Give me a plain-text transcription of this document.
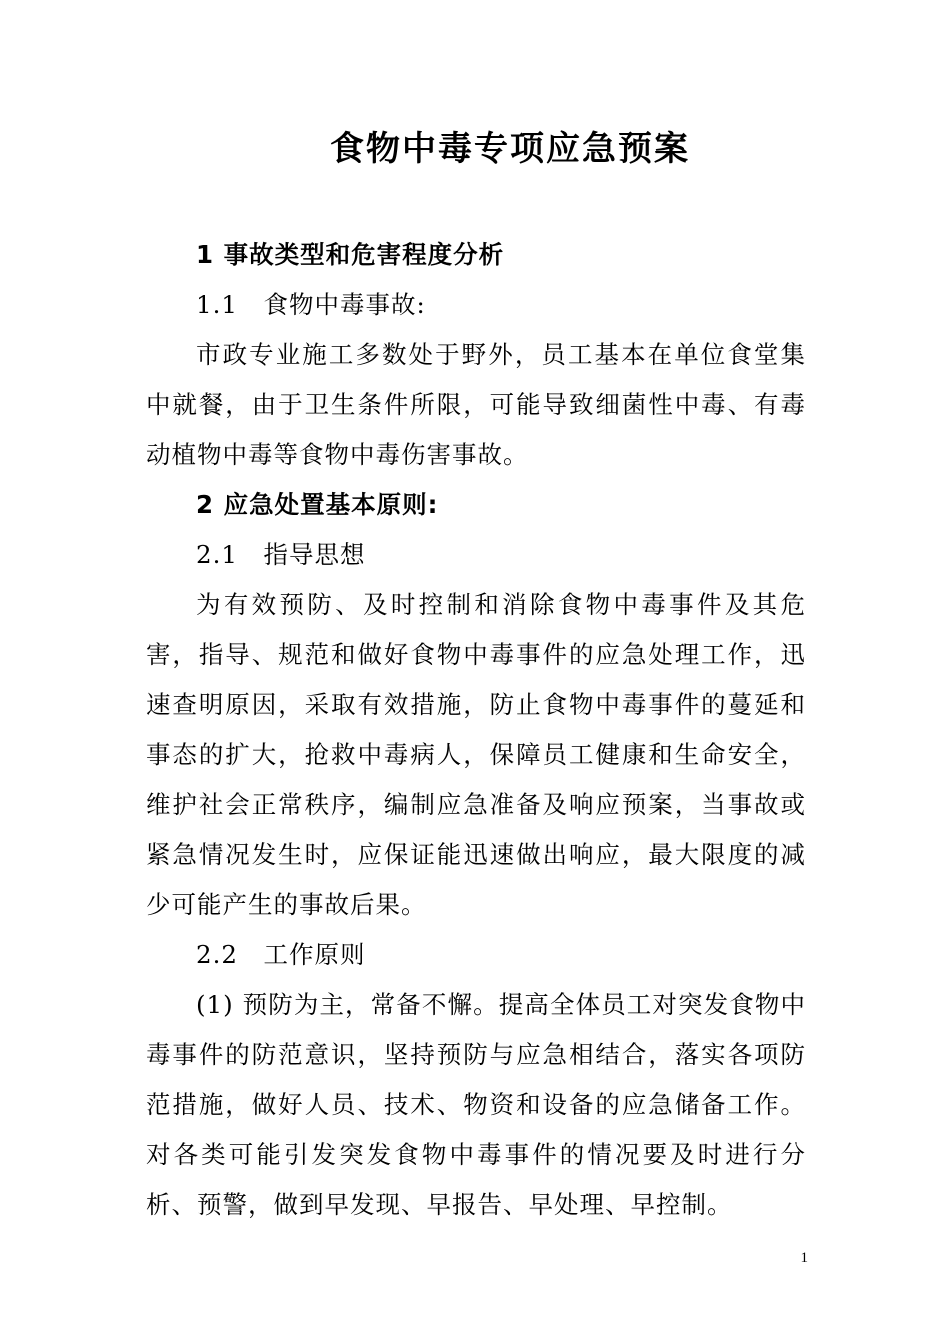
食物中毒专项应急预案

1 事故类型和危害程度分析

1.1　食物中毒事故:

市政专业施工多数处于野外，员工基本在单位食堂集中就餐，由于卫生条件所限，可能导致细菌性中毒、有毒动植物中毒等食物中毒伤害事故。

2 应急处置基本原则:

2.1　指导思想

为有效预防、及时控制和消除食物中毒事件及其危害，指导、规范和做好食物中毒事件的应急处理工作，迅速查明原因，采取有效措施，防止食物中毒事件的蔓延和事态的扩大，抢救中毒病人，保障员工健康和生命安全，维护社会正常秩序，编制应急准备及响应预案，当事故或紧急情况发生时，应保证能迅速做出响应，最大限度的减少可能产生的事故后果。

2.2　工作原则

(1) 预防为主，常备不懈。提高全体员工对突发食物中毒事件的防范意识，坚持预防与应急相结合，落实各项防范措施，做好人员、技术、物资和设备的应急储备工作。对各类可能引发突发食物中毒事件的情况要及时进行分析、预警，做到早发现、早报告、早处理、早控制。

1
